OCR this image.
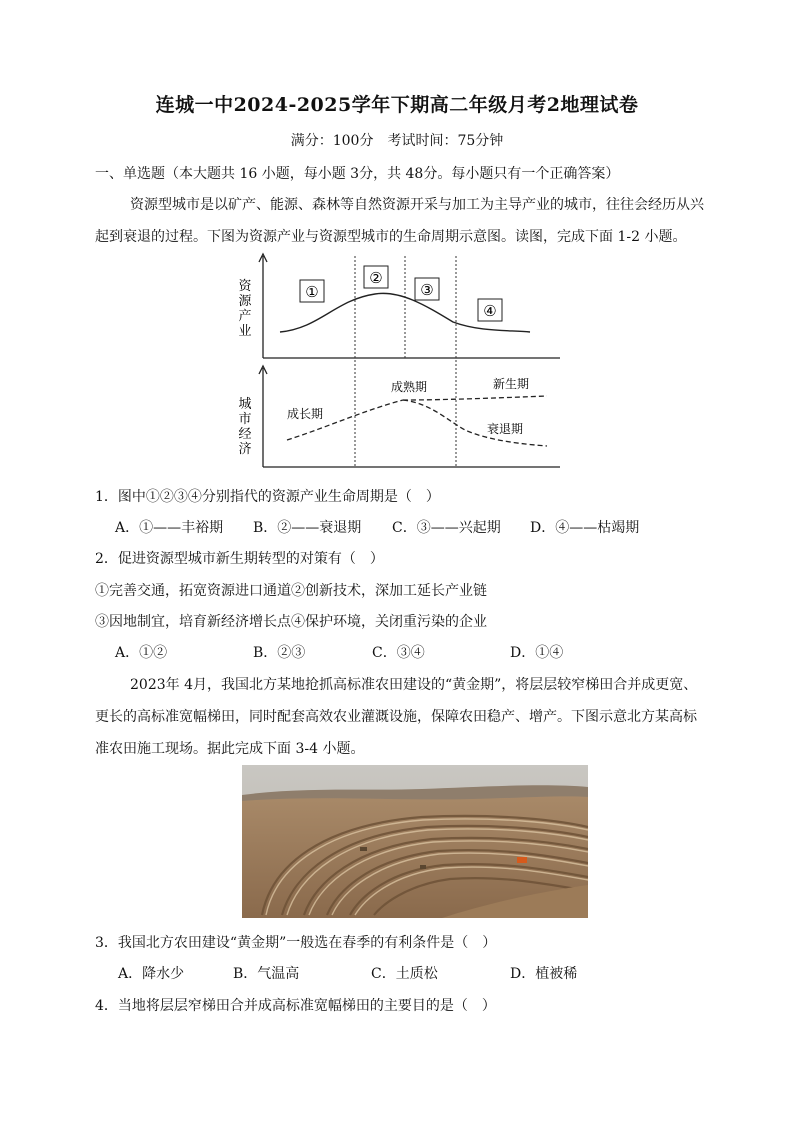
连城一中2024-2025学年下期高二年级月考2地理试卷
满分：100分　考试时间：75分钟
一、单选题（本大题共 16 小题，每小题 3分，共 48分。每小题只有一个正确答案）
资源型城市是以矿产、能源、森林等自然资源开采与加工为主导产业的城市，往往会经历从兴
起到衰退的过程。下图为资源产业与资源型城市的生命周期示意图。读图，完成下面 1-2 小题。
①
②
③
④
资
源
产
业
城
市
经
济
成长期
成熟期	新生期
衰退期
1．图中①②③④分别指代的资源产业生命周期是（　）
A．①——丰裕期 B．②——衰退期 C．③——兴起期 D．④——枯竭期
2．促进资源型城市新生期转型的对策有（　）
①完善交通，拓宽资源进口通道②创新技术，深加工延长产业链
③因地制宜，培育新经济增长点④保护环境，关闭重污染的企业
A．①②	B．②③	C．③④	D．①④
2023年 4月，我国北方某地抢抓高标准农田建设的“黄金期”，将层层较窄梯田合并成更宽、
更长的高标准宽幅梯田，同时配套高效农业灌溉设施，保障农田稳产、增产。下图示意北方某高标
准农田施工现场。据此完成下面 3-4 小题。
3．我国北方农田建设“黄金期”一般选在春季的有利条件是（　）
A．降水少	B．气温高	C．土质松	D．植被稀
4．当地将层层窄梯田合并成高标准宽幅梯田的主要目的是（　）
